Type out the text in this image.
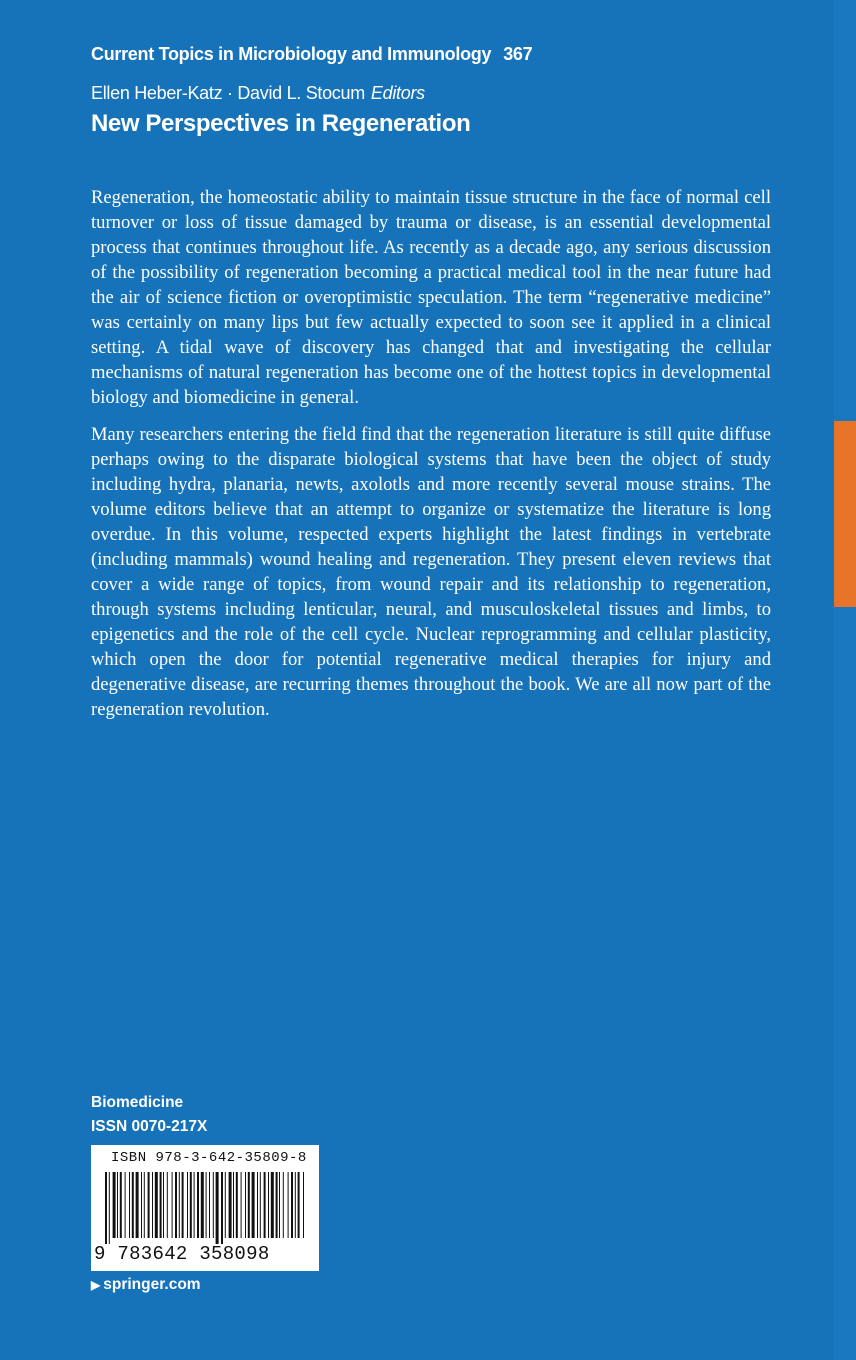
Current Topics in Microbiology and Immunology 367
Ellen Heber-Katz · David L. Stocum Editors
New Perspectives in Regeneration

Regeneration, the homeostatic ability to maintain tissue structure in the face of normal cell turnover or loss of tissue damaged by trauma or disease, is an essential developmental process that continues throughout life. As recently as a decade ago, any serious discussion of the possibility of regeneration becoming a practical medical tool in the near future had the air of science fiction or overoptimistic speculation. The term “regenerative medicine” was certainly on many lips but few actually expected to soon see it applied in a clinical setting. A tidal wave of discovery has changed that and investigating the cellular mechanisms of natural regeneration has become one of the hottest topics in developmental biology and biomedicine in general.

Many researchers entering the field find that the regeneration literature is still quite diffuse perhaps owing to the disparate biological systems that have been the object of study including hydra, planaria, newts, axolotls and more recently several mouse strains. The volume editors believe that an attempt to organize or systematize the literature is long overdue. In this volume, respected experts highlight the latest findings in vertebrate (including mammals) wound healing and regeneration. They present eleven reviews that cover a wide range of topics, from wound repair and its relationship to regeneration, through systems including lenticular, neural, and musculoskeletal tissues and limbs, to epigenetics and the role of the cell cycle. Nuclear reprogramming and cellular plasticity, which open the door for potential regenerative medical therapies for injury and degenerative disease, are recurring themes throughout the book. We are all now part of the regeneration revolution.

Biomedicine
ISSN 0070-217X
ISBN 978-3-642-35809-8
9 783642 358098
▶ springer.com
